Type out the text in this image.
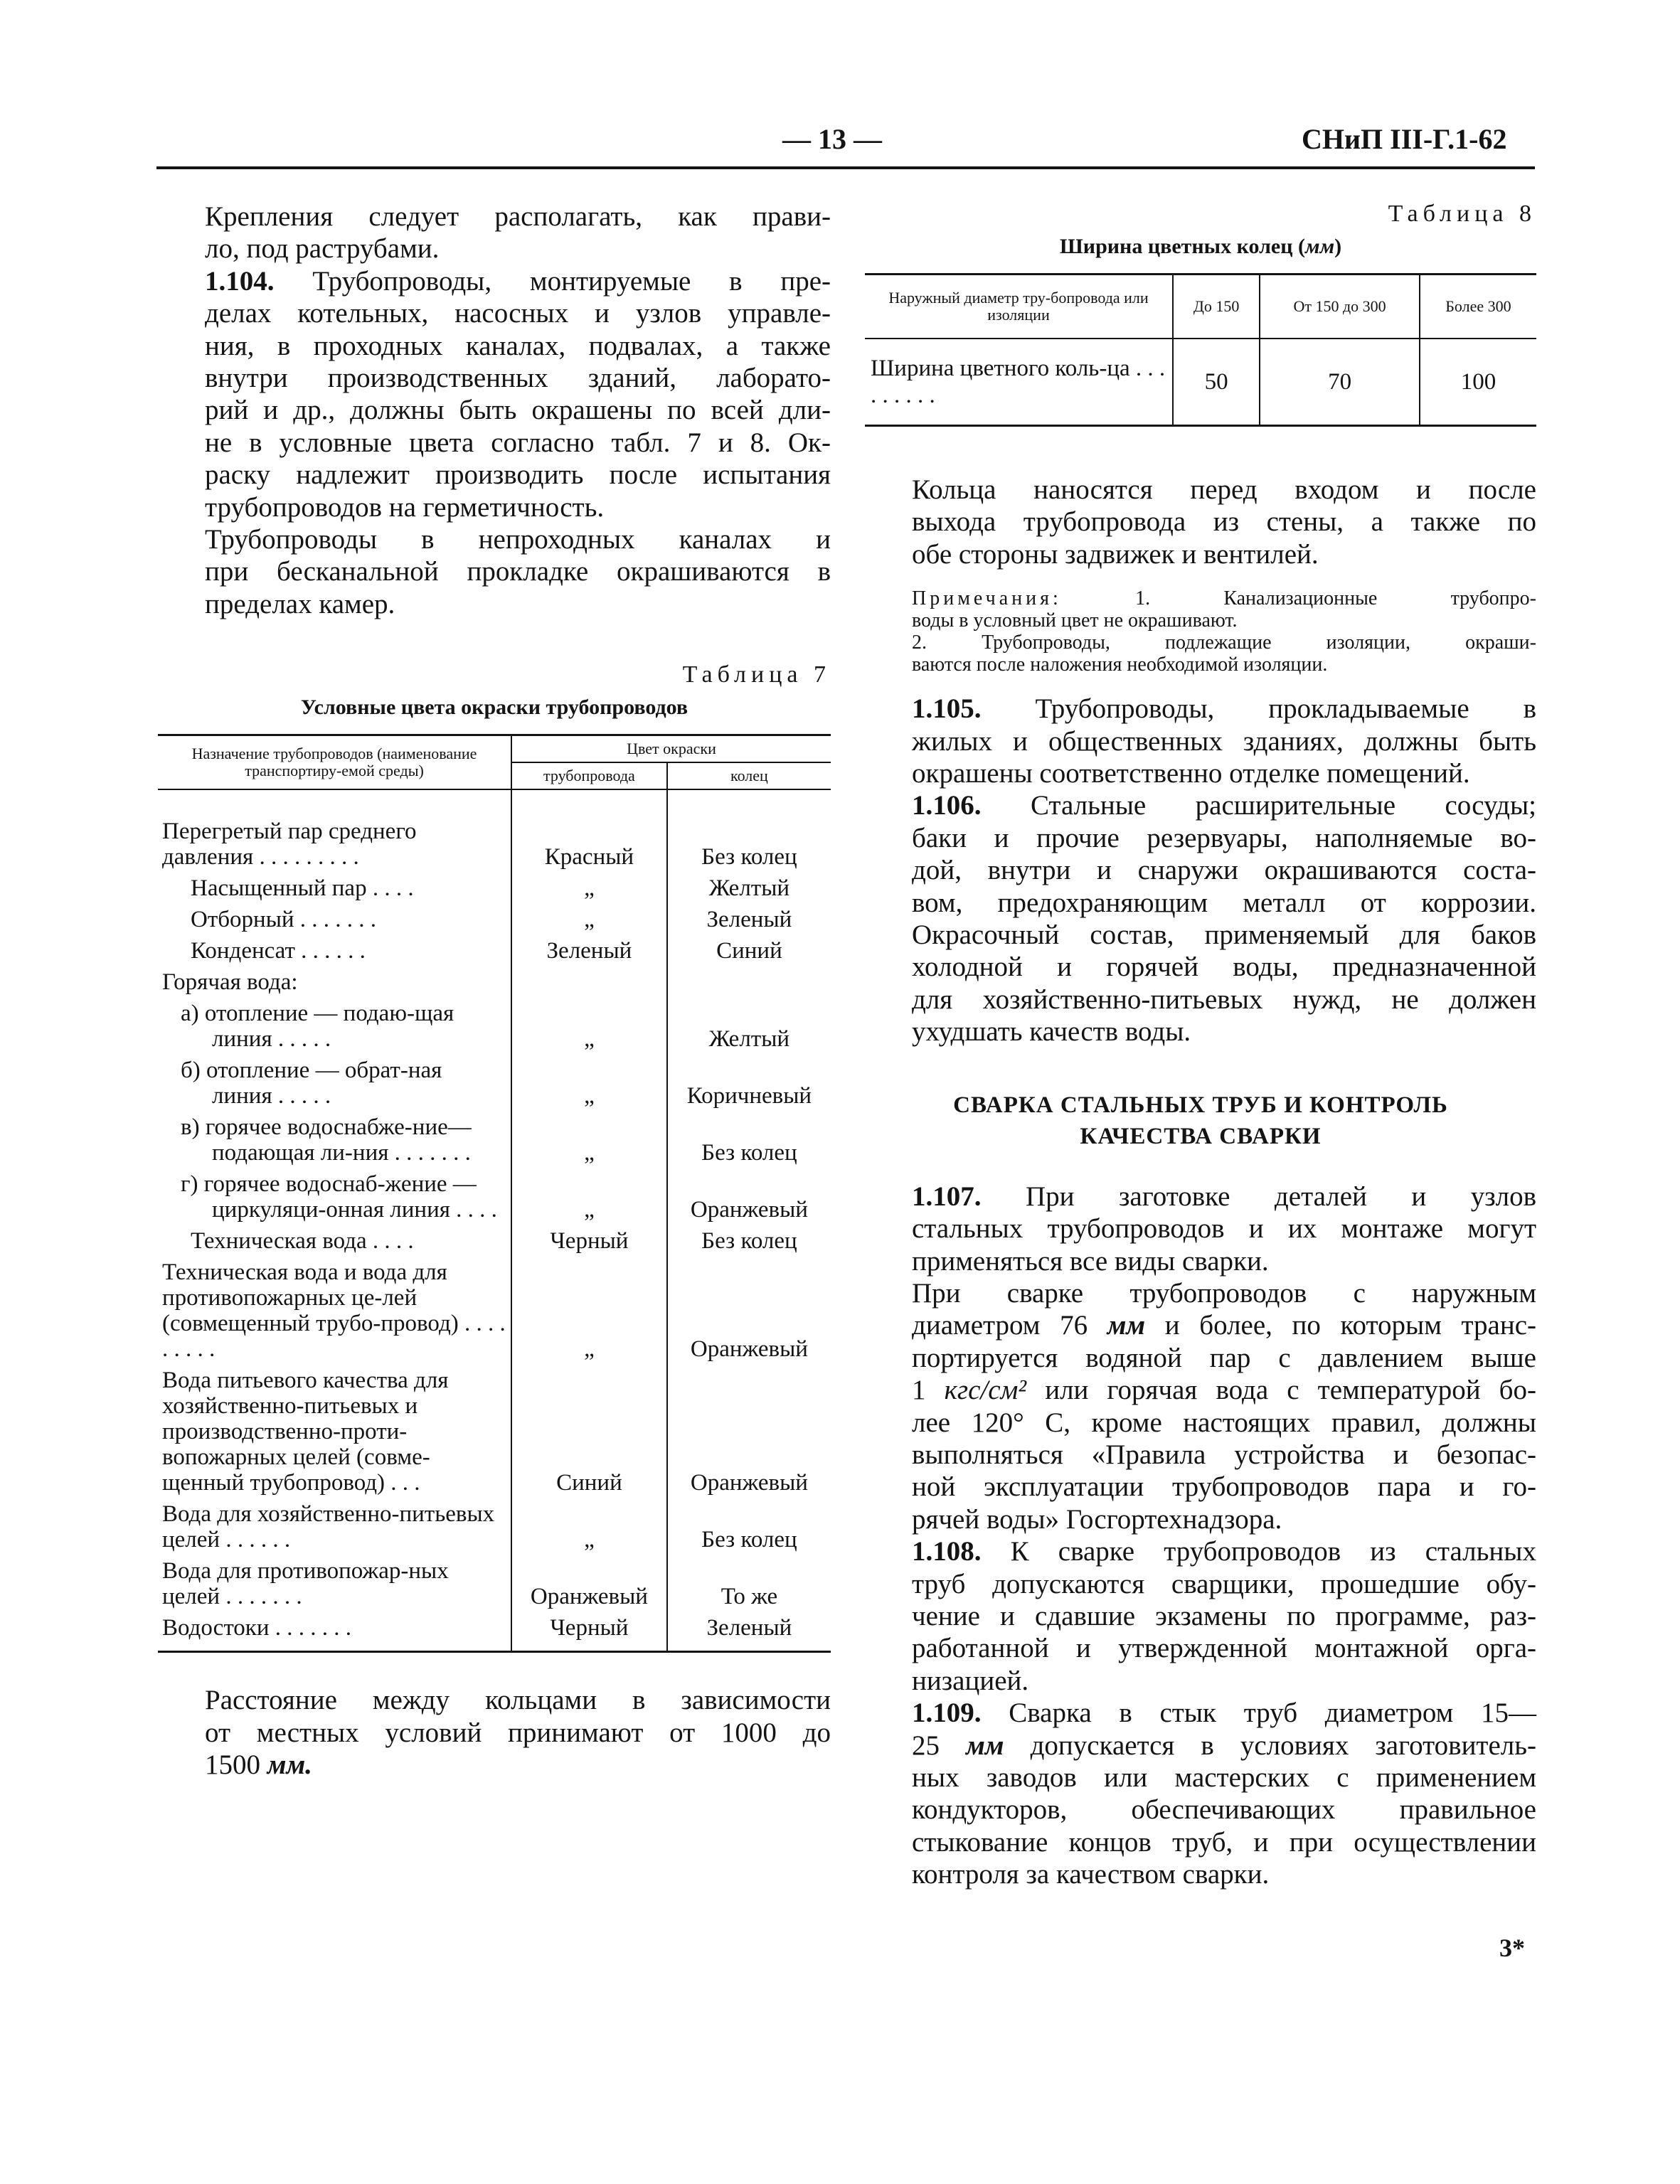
— 13 —	СНиП III-Г.1-62

Крепления следует располагать, как прави-
ло, под раструбами.

1.104. Трубопроводы, монтируемые в пре-
делах котельных, насосных и узлов управле-
ния, в проходных каналах, подвалах, а также
внутри производственных зданий, лаборато-
рий и др., должны быть окрашены по всей дли-
не в условные цвета согласно табл. 7 и 8. Ок-
раску надлежит производить после испытания
трубопроводов на герметичность.

Трубопроводы в непроходных каналах и
при бесканальной прокладке окрашиваются в
пределах камер.

Таблица 7

Условные цвета окраски трубопроводов

Назначение трубопроводов (наименование транспортиру-емой среды)	Цвет окраски	
	трубопровода	колец

Перегретый пар среднего давления . . . . . . . . .	Красный	Без колец

Насыщенный пар . . . .	„	Желтый

Отборный . . . . . . .	„	Зеленый

Конденсат . . . . . .	Зеленый	Синий

Горячая вода:		

а) отопление — подаю-щая линия . . . . .	„	Желтый

б) отопление — обрат-ная линия . . . . .	„	Коричневый

в) горячее водоснабже-ние—подающая ли-ния . . . . . . .	„	Без колец

г) горячее водоснаб-жение — циркуляци-онная линия . . . .	„	Оранжевый

Техническая вода . . . .	Черный	Без колец

Техническая вода и вода для противопожарных це-лей (совмещенный трубо-провод) . . . . . . . . .	„	Оранжевый

Вода питьевого качества для хозяйственно-питьевых и производственно-проти-вопожарных целей (совме-щенный трубопровод) . . .	Синий	Оранжевый

Вода для хозяйственно-питьевых целей . . . . . .	„	Без колец

Вода для противопожар-ных целей . . . . . . .	Оранжевый	То же

Водостоки . . . . . . .	Черный	Зеленый

Расстояние между кольцами в зависимости
от местных условий принимают от 1000 до
1500 мм.

Таблица 8

Ширина цветных колец (мм)

Наружный диаметр тру-бопровода или изоляции	До 150	От 150 до 300	Более 300
Ширина цветного коль-ца . . . . . . . . .	50	70	100

Кольца наносятся перед входом и после
выхода трубопровода из стены, а также по
обе стороны задвижек и вентилей.

Примечания:	1. Канализационные трубопро-
воды в условный цвет не окрашивают.

2. Трубопроводы, подлежащие изоляции, окраши-
ваются после наложения необходимой изоляции.

1.105. Трубопроводы, прокладываемые в
жилых и общественных зданиях, должны быть
окрашены соответственно отделке помещений.

1.106. Стальные расширительные сосуды;
баки и прочие резервуары, наполняемые во-
дой, внутри и снаружи окрашиваются соста-
вом, предохраняющим металл от коррозии.
Окрасочный состав, применяемый для баков
холодной и горячей воды, предназначенной
для хозяйственно-питьевых нужд, не должен
ухудшать качеств воды.

СВАРКА СТАЛЬНЫХ ТРУБ И КОНТРОЛЬ
КАЧЕСТВА СВАРКИ

1.107. При заготовке деталей и узлов
стальных трубопроводов и их монтаже могут
применяться все виды сварки.

При сварке трубопроводов с наружным
диаметром 76 мм и более, по которым транс-
портируется водяной пар с давлением выше
1 кгс/см² или горячая вода с температурой бо-
лее 120° С, кроме настоящих правил, должны
выполняться «Правила устройства и безопас-
ной эксплуатации трубопроводов пара и го-
рячей воды» Госгортехнадзора.

1.108. К сварке трубопроводов из стальных
труб допускаются сварщики, прошедшие обу-
чение и сдавшие экзамены по программе, раз-
работанной и утвержденной монтажной орга-
низацией.

1.109. Сварка в стык труб диаметром 15—
25 мм допускается в условиях заготовитель-
ных заводов или мастерских с применением
кондукторов, обеспечивающих правильное
стыкование концов труб, и при осуществлении
контроля за качеством сварки.

3*
